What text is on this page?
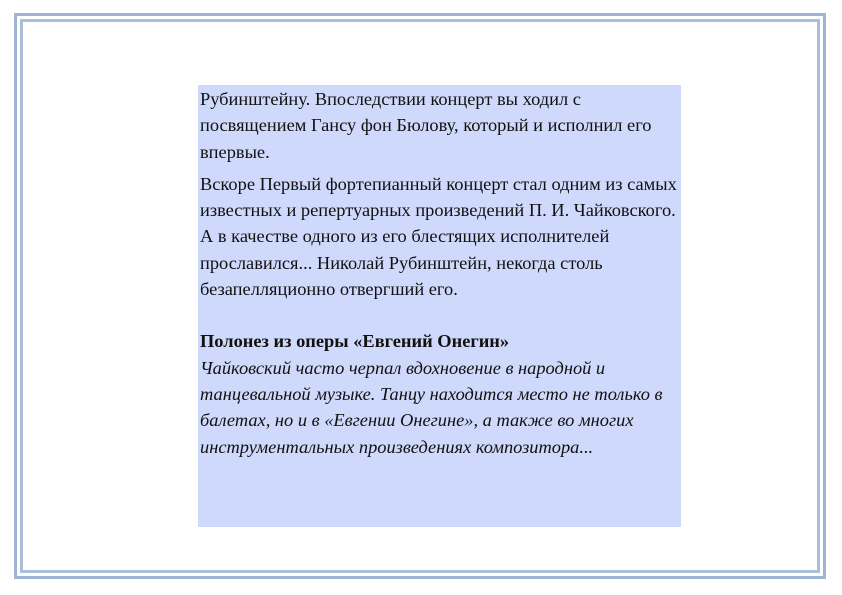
Рубинштейну. Впоследствии концерт вы ходил с посвящением Гансу фон Бюлову, который и исполнил его впервые.

Вскоре Первый фортепианный концерт стал одним из самых известных и репертуарных произведений П. И. Чайковского. А в качестве одного из его блестящих исполнителей прославился... Николай Рубинштейн, некогда столь безапелляционно отвергший его.

Полонез из оперы «Евгений Онегин»

Чайковский часто черпал вдохновение в народной и танцевальной музыке. Танцу находится место не только в балетах, но и в «Евгении Онегине», а также во многих инструментальных произведениях композитора...
